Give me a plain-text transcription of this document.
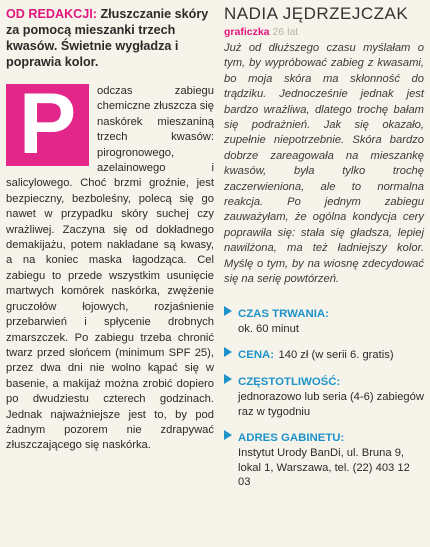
OD REDAKCJI: Złuszczanie skóry za pomocą mieszanki trzech kwasów. Świetnie wygładza i poprawia kolor.

P	odczas zabiegu chemiczne złuszcza się naskórek mieszaniną trzech kwasów: pirogronowego, azelainowego i salicylowego. Choć brzmi groźnie, jest bezpieczny, bezboleśny, polecą się go nawet w przypadku skóry suchej czy wrażliwej. Zaczyna się od dokładnego demakijażu, potem nakładane są kwasy, a na koniec maska łagodząca. Cel zabiegu to przede wszystkim usunięcie martwych komórek naskórka, zwężenie gruczołów łojowych, rozjaśnienie przebarwień i spłycenie drobnych zmarszczek. Po zabiegu trzeba chronić twarz przed słońcem (minimum SPF 25), przez dwa dni nie wolno kąpać się w basenie, a makijaż można zrobić dopiero po dwudziestu czterech godzinach. Jednak najważniejsze jest to, by pod żadnym pozorem nie zdrapywać złuszczającego się naskórka.

NADIA JĘDRZEJCZAK

graficzka 26 lat

Już od dłuższego czasu myślałam o tym, by wypróbować zabieg z kwasami, bo moja skóra ma skłonność do trądziku. Jednocześnie jednak jest bardzo wrażliwa, dlatego trochę bałam się podrażnień. Jak się okazało, zupełnie niepotrzebnie. Skóra bardzo dobrze zareagowała na mieszankę kwasów, była tylko trochę zaczerwieniona, ale to normalna reakcja. Po jednym zabiegu zauważyłam, że ogólna kondycja cery poprawiła się: stała się gładsza, lepiej nawilżona, ma też ładniejszy kolor. Myślę o tym, by na wiosnę zdecydować się na serię powtórzeń.
CZAS TRWANIA:

ok. 60 minut

CENA: 140 zł (w serii 6. gratis)
CZĘSTOTLIWOŚĆ:

jednorazowo lub seria (4-6) zabiegów raz w tygodniu

ADRES GABINETU:

Instytut Urody BanDi, ul. Bruna 9, lokal 1, Warszawa, tel. (22) 403 12 03
